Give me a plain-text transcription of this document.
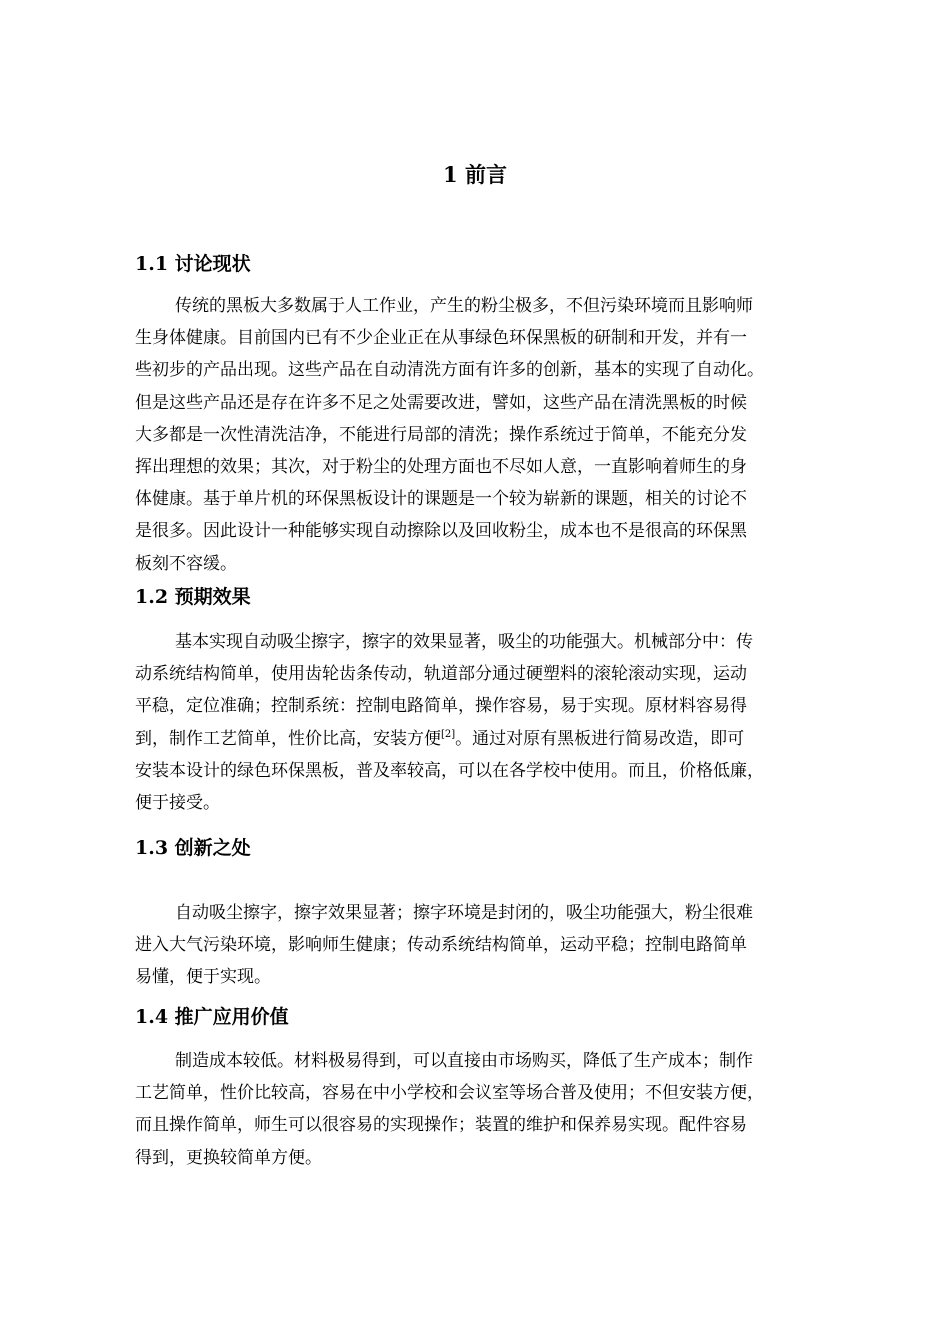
1 前言
1.1 讨论现状
传统的黑板大多数属于人工作业，产生的粉尘极多，不但污染环境而且影响师
生身体健康。目前国内已有不少企业正在从事绿色环保黑板的研制和开发，并有一
些初步的产品出现。这些产品在自动清洗方面有许多的创新，基本的实现了自动化。
但是这些产品还是存在许多不足之处需要改进，譬如，这些产品在清洗黑板的时候
大多都是一次性清洗洁净，不能进行局部的清洗；操作系统过于简单，不能充分发
挥出理想的效果；其次，对于粉尘的处理方面也不尽如人意，一直影响着师生的身
体健康。基于单片机的环保黑板设计的课题是一个较为崭新的课题，相关的讨论不
是很多。因此设计一种能够实现自动擦除以及回收粉尘，成本也不是很高的环保黑
板刻不容缓。
1.2 预期效果
基本实现自动吸尘擦字，擦字的效果显著，吸尘的功能强大。机械部分中：传
动系统结构简单，使用齿轮齿条传动，轨道部分通过硬塑料的滚轮滚动实现，运动
平稳，定位准确；控制系统：控制电路简单，操作容易，易于实现。原材料容易得
到，制作工艺简单，性价比高，安装方便[2]。通过对原有黑板进行简易改造，即可
安装本设计的绿色环保黑板，普及率较高，可以在各学校中使用。而且，价格低廉，
便于接受。
1.3 创新之处
自动吸尘擦字，擦字效果显著；擦字环境是封闭的，吸尘功能强大，粉尘很难
进入大气污染环境，影响师生健康；传动系统结构简单，运动平稳；控制电路简单
易懂，便于实现。
1.4 推广应用价值
制造成本较低。材料极易得到，可以直接由市场购买，降低了生产成本；制作
工艺简单，性价比较高，容易在中小学校和会议室等场合普及使用；不但安装方便，
而且操作简单，师生可以很容易的实现操作；装置的维护和保养易实现。配件容易
得到，更换较简单方便。
